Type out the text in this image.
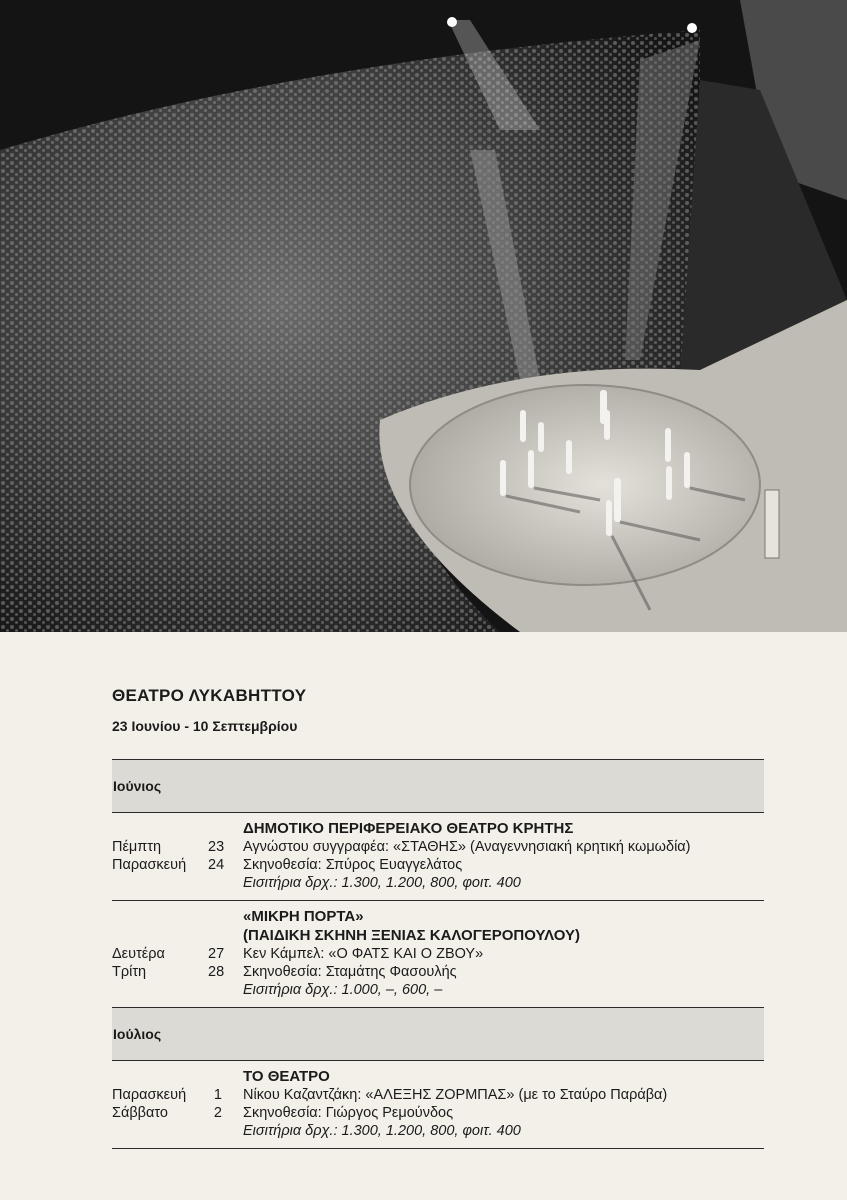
ΘΕΑΤΡΟ ΛΥΚΑΒΗΤΤΟΥ
23 Ιουνίου - 10 Σεπτεμβρίου
Ιούνιος
ΔΗΜΟΤΙΚΟ ΠΕΡΙΦΕΡΕΙΑΚΟ ΘΕΑΤΡΟ ΚΡΗΤΗΣ
Πέμπτη	23 Αγνώστου συγγραφέα: «ΣΤΑΘΗΣ» (Αναγεννησιακή κρητική κωμωδία)
Παρασκευή	24 Σκηνοθεσία: Σπύρος Ευαγγελάτος
Εισιτήρια δρχ.: 1.300, 1.200, 800, φοιτ. 400
«ΜΙΚΡΗ ΠΟΡΤΑ»
(ΠΑΙΔΙΚΗ ΣΚΗΝΗ ΞΕΝΙΑΣ ΚΑΛΟΓΕΡΟΠΟΥΛΟΥ)
Δευτέρα	27 Κεν Κάμπελ: «Ο ΦΑΤΣ ΚΑΙ Ο ΖΒΟΥ»
Τρίτη	28 Σκηνοθεσία: Σταμάτης Φασουλής
Εισιτήρια δρχ.: 1.000, –, 600, –
Ιούλιος
ΤΟ ΘΕΑΤΡΟ
Παρασκευή	1 Νίκου Καζαντζάκη: «ΑΛΕΞΗΣ ΖΟΡΜΠΑΣ» (με το Σταύρο Παράβα)
Σάββατο	2 Σκηνοθεσία: Γιώργος Ρεμούνδος
Εισιτήρια δρχ.: 1.300, 1.200, 800, φοιτ. 400
